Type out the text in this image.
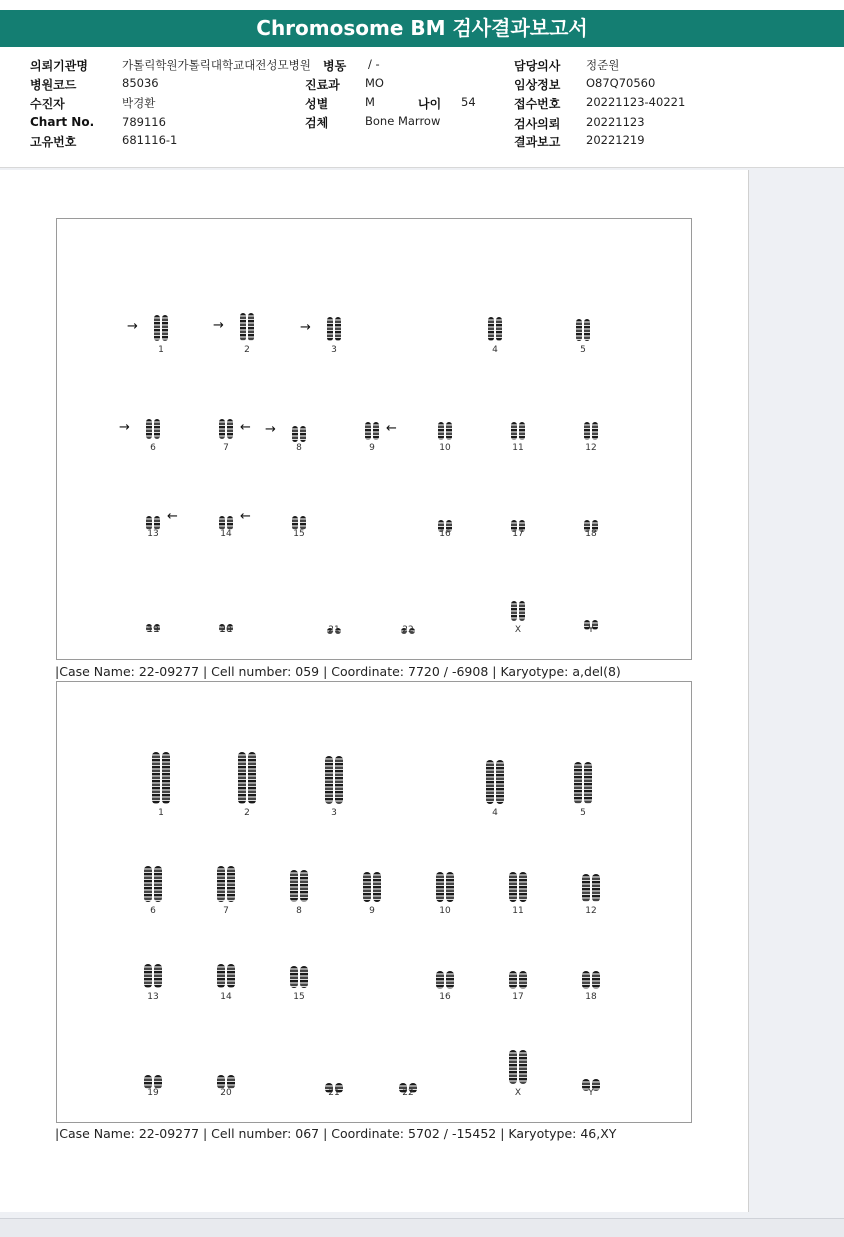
Chromosome BM 검사결과보고서
의뢰기관명	가톨릭학원가톨릭대학교대전성모병원 병동 / -	담당의사 정준원
병원코드	85036	진료과 MO	임상정보 O87Q70560
수진자	박경환	성별	M	나이 54	접수번호 20221123-40221
Chart No. 789116	검체	Bone Marrow	검사의뢰 20221123
고유번호	681116-1	결과보고 20221219
1
→
2
→
3
→
4	5
6
→
7
←
8
→
9
←
10	11	12
13
←
14
←
15	16	17	18
19	20	21	22	X	Y
|Case Name: 22-09277 | Cell number: 059 | Coordinate: 7720 / -6908 | Karyotype: a,del(8)
1	2	3	4	5
6	7	8	9	10	11	12
13	14	15	16	17	18
19	20	21	22	X	Y
|Case Name: 22-09277 | Cell number: 067 | Coordinate: 5702 / -15452 | Karyotype: 46,XY
